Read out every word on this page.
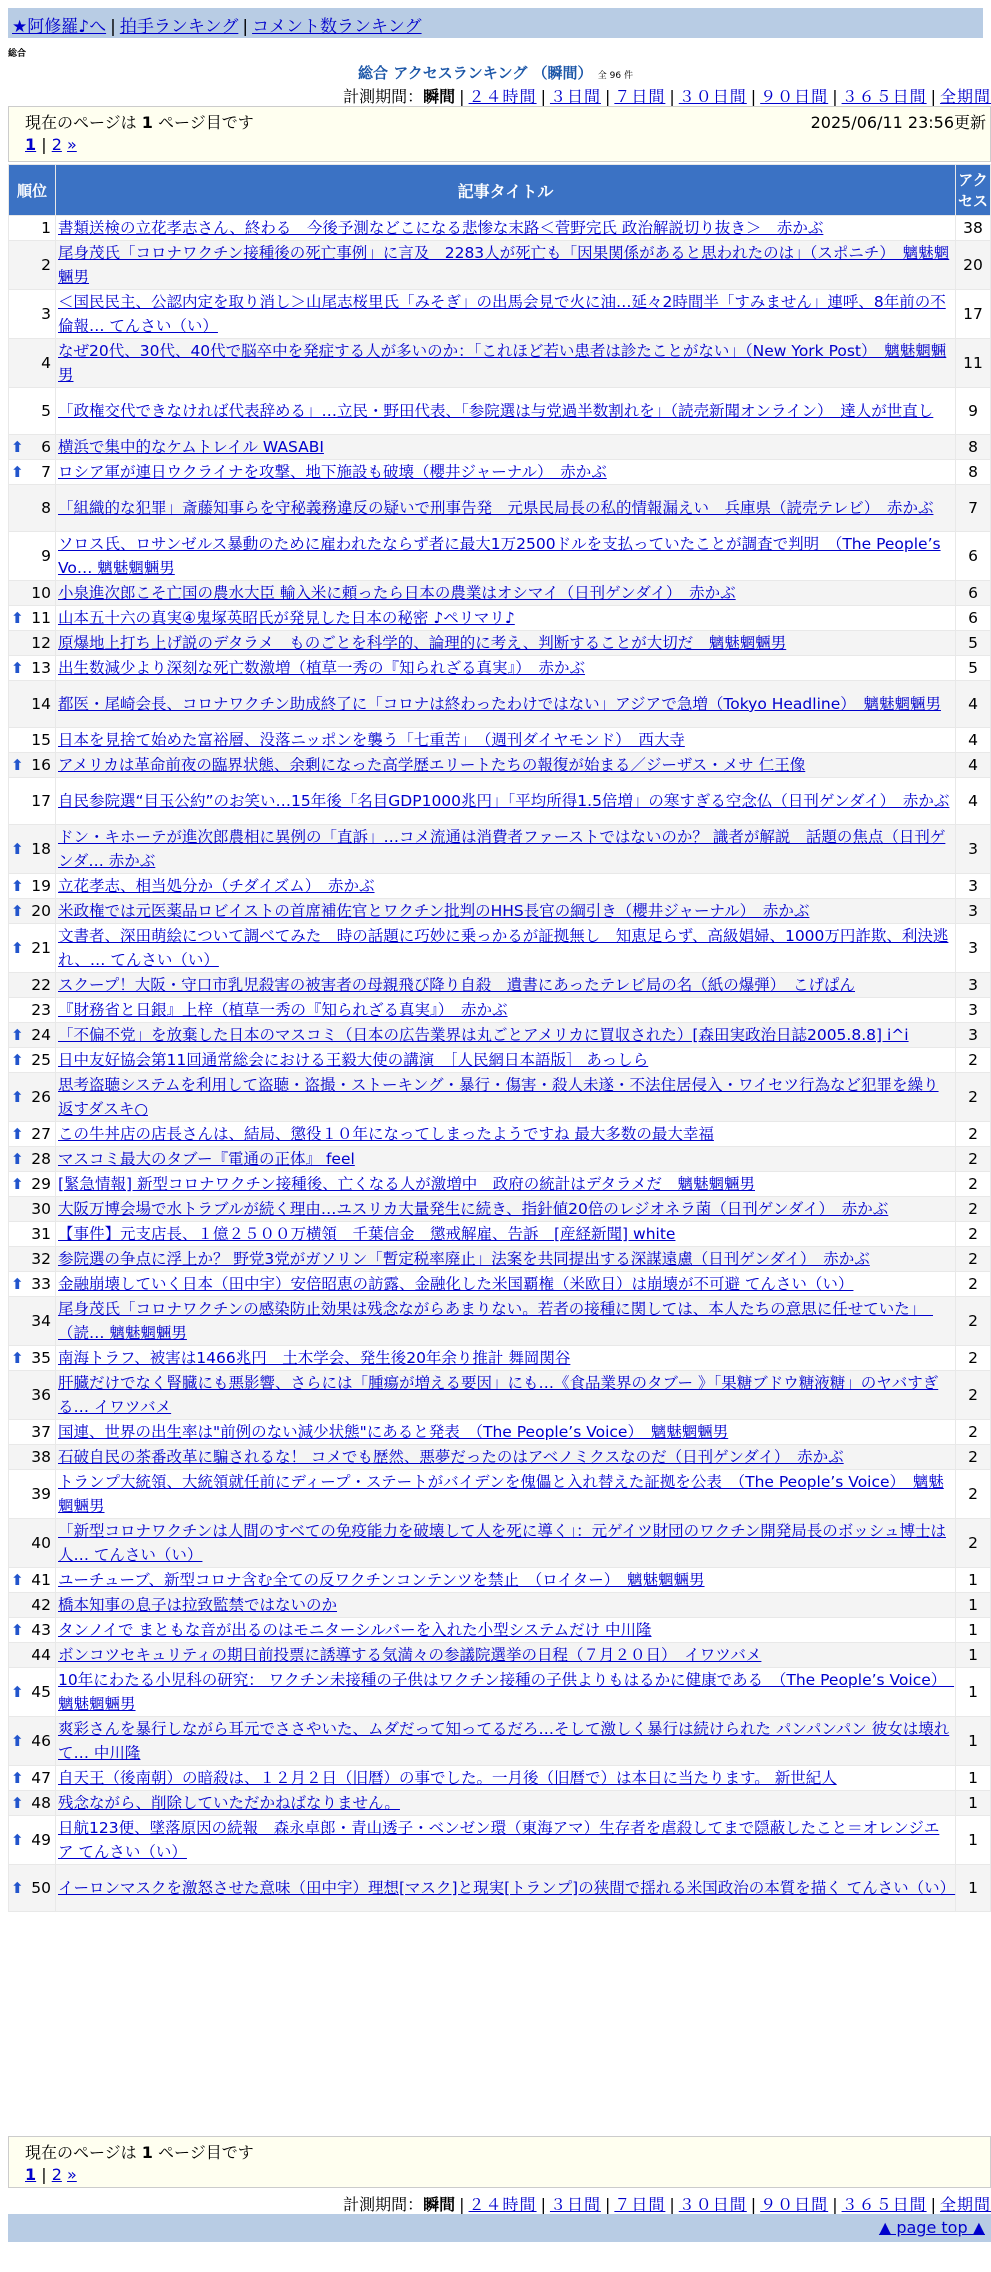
★阿修羅♪へ | 拍手ランキング | コメント数ランキング
総合
総合 アクセスランキング （瞬間） 全 96 件
計測期間：瞬間 | ２４時間 | ３日間 | ７日間 | ３０日間 | ９０日間 | ３６５日間 | 全期間
現在のページは 1 ページ目です	2025/06/11 23:56更新
1 | 2 »
順位	記事タイトル	アクセス
1	書類送検の立花孝志さん、終わる　今後予測などこになる悲惨な末路＜菅野完氏 政治解説切り抜き＞　赤かぶ	38
2	尾身茂氏「コロナワクチン接種後の死亡事例」に言及　2283人が死亡も「因果関係があると思われたのは」（スポニチ）　魑魅魍魎男	20
3	＜国民民主、公認内定を取り消し＞山尾志桜里氏「みそぎ」の出馬会見で火に油…延々2時間半「すみません」連呼、8年前の不倫報… てんさい（い）	17
4	なぜ20代、30代、40代で脳卒中を発症する人が多いのか：「これほど若い患者は診たことがない」（New York Post）　魑魅魍魎男	11
5	「政権交代できなければ代表辞める」…立民・野田代表、「参院選は与党過半数割れを」（読売新聞オンライン）　達人が世直し	9

⬆ 6	横浜で集中的なケムトレイル WASABI	8

⬆ 7	ロシア軍が連日ウクライナを攻撃、地下施設も破壊（櫻井ジャーナル）　赤かぶ	8
8	「組織的な犯罪」斎藤知事らを守秘義務違反の疑いで刑事告発　元県民局長の私的情報漏えい　兵庫県（読売テレビ）　赤かぶ	7
9	ソロス氏、ロサンゼルス暴動のために雇われたならず者に最大1万2500ドルを支払っていたことが調査で判明　（The People’s Vo… 魑魅魍魎男	6
10	小泉進次郎こそ亡国の農水大臣 輸入米に頼ったら日本の農業はオシマイ（日刊ゲンダイ）　赤かぶ	6

⬆ 11	山本五十六の真実④鬼塚英昭氏が発見した日本の秘密 ♪ペリマリ♪	6
12	原爆地上打ち上げ説のデタラメ　ものごとを科学的、論理的に考え、判断することが大切だ　魑魅魍魎男	5

⬆ 13	出生数減少より深刻な死亡数激増（植草一秀の『知られざる真実』）　赤かぶ	5
14	都医・尾崎会長、コロナワクチン助成終了に「コロナは終わったわけではない」アジアで急増（Tokyo Headline）　魑魅魍魎男	4
15	日本を見捨て始めた富裕層、没落ニッポンを襲う「七重苦」　（週刊ダイヤモンド）　西大寺	4

⬆ 16	アメリカは革命前夜の臨界状態、余剰になった高学歴エリートたちの報復が始まる／ジーザス・メサ 仁王像	4
17	自民参院選“目玉公約”のお笑い…15年後「名目GDP1000兆円」「平均所得1.5倍増」の寒すぎる空念仏（日刊ゲンダイ）　赤かぶ	4

⬆ 18	ドン・キホーテが進次郎農相に異例の「直訴」…コメ流通は消費者ファーストではないのか？ 識者が解説　話題の焦点（日刊ゲンダ… 赤かぶ	3

⬆ 19	立花孝志、相当処分か（チダイズム）　赤かぶ	3

⬆ 20	米政権では元医薬品ロビイストの首席補佐官とワクチン批判のHHS長官の綱引き（櫻井ジャーナル）　赤かぶ	3

⬆ 21	文書者、深田萌絵について調べてみた　時の話題に巧妙に乗っかるが証拠無し　知恵足らず、高級娼婦、1000万円詐欺、利決逃れ、… てんさい（い）	3
22	スクープ！大阪・守口市乳児殺害の被害者の母親飛び降り自殺　遺書にあったテレビ局の名（紙の爆弾）　こげぱん	3
23	『財務省と日銀』上梓（植草一秀の『知られざる真実』）　赤かぶ	3

⬆ 24	「不偏不党」を放棄した日本のマスコミ（日本の広告業界は丸ごとアメリカに買収された）[森田実政治日誌2005.8.8] i^i	3

⬆ 25	日中友好協会第11回通常総会における王毅大使の講演　［人民網日本語版］ あっしら	2

⬆ 26	思考盗聴システムを利用して盗聴・盗撮・ストーキング・暴行・傷害・殺人未遂・不法住居侵入・ワイセツ行為など犯罪を繰り返すダスキ○	2

⬆ 27	この牛丼店の店長さんは、結局、懲役１０年になってしまったようですね 最大多数の最大幸福	2

⬆ 28	マスコミ最大のタブー『電通の正体』 feel	2

⬆ 29	[緊急情報] 新型コロナワクチン接種後、亡くなる人が激増中　政府の統計はデタラメだ　魑魅魍魎男	2
30	大阪万博会場で水トラブルが続く理由…ユスリカ大量発生に続き、指針値20倍のレジオネラ菌（日刊ゲンダイ）　赤かぶ	2
31	【事件】元支店長、１億２５００万横領　千葉信金　懲戒解雇、告訴　[産経新聞] white	2
32	参院選の争点に浮上か？ 野党3党がガソリン「暫定税率廃止」法案を共同提出する深謀遠慮（日刊ゲンダイ）　赤かぶ	2

⬆ 33	金融崩壊していく日本（田中宇）安倍昭恵の訪露、金融化した米国覇権（米欧日）は崩壊が不可避 てんさい（い）	2
34	尾身茂氏「コロナワクチンの感染防止効果は残念ながらあまりない。若者の接種に関しては、本人たちの意思に任せていた」　（読… 魑魅魍魎男	2

⬆ 35	南海トラフ、被害は1466兆円　土木学会、発生後20年余り推計 舞岡関谷	2
36	肝臓だけでなく腎臓にも悪影響、さらには「腫瘍が増える要因」にも…《食品業界のタブー 》「果糖ブドウ糖液糖」のヤバすぎる… イワツバメ	2
37	国連、世界の出生率は"前例のない減少状態"にあると発表　（The People’s Voice）　魑魅魍魎男	2
38	石破自民の茶番改革に騙されるな！ コメでも歴然、悪夢だったのはアベノミクスなのだ（日刊ゲンダイ）　赤かぶ	2
39	トランプ大統領、大統領就任前にディープ・ステートがバイデンを傀儡と入れ替えた証拠を公表　（The People’s Voice）　魑魅魍魎男	2
40	「新型コロナワクチンは人間のすべての免疫能力を破壊して人を死に導く」：元ゲイツ財団のワクチン開発局長のボッシュ博士は人… てんさい（い）	2

⬆ 41	ユーチューブ、新型コロナ含む全ての反ワクチンコンテンツを禁止　（ロイター）　魑魅魍魎男	1
42	橋本知事の息子は拉致監禁ではないのか	1

⬆ 43	タンノイで まともな音が出るのはモニターシルバーを入れた小型システムだけ 中川隆	1
44	ボンコツセキュリティの期日前投票に誘導する気満々の参議院選挙の日程（７月２０日）　イワツバメ	1

⬆ 45	10年にわたる小児科の研究： ワクチン未接種の子供はワクチン接種の子供よりもはるかに健康である　（The People’s Voice）　魑魅魍魎男	1

⬆ 46	爽彩さんを暴行しながら耳元でささやいた、ムダだって知ってるだろ…そして激しく暴行は続けられた パンパンパン 彼女は壊れて… 中川隆	1

⬆ 47	自天王（後南朝）の暗殺は、１２月２日（旧暦）の事でした。一月後（旧暦で）は本日に当たります。 新世紀人	1

⬆ 48	残念ながら、削除していただかねばなりません。	1

⬆ 49	日航123便、墜落原因の続報　森永卓郎・青山透子・ベンゼン環（東海アマ）生存者を虐殺してまで隠蔽したこと＝オレンジエア てんさい（い）	1

⬆ 50	イーロンマスクを激怒させた意味（田中宇）理想[マスク]と現実[トランプ]の狭間で揺れる米国政治の本質を描く てんさい（い）	1
現在のページは 1 ページ目です
1 | 2 »
計測期間：瞬間 | ２４時間 | ３日間 | ７日間 | ３０日間 | ９０日間 | ３６５日間 | 全期間
▲ page top ▲
